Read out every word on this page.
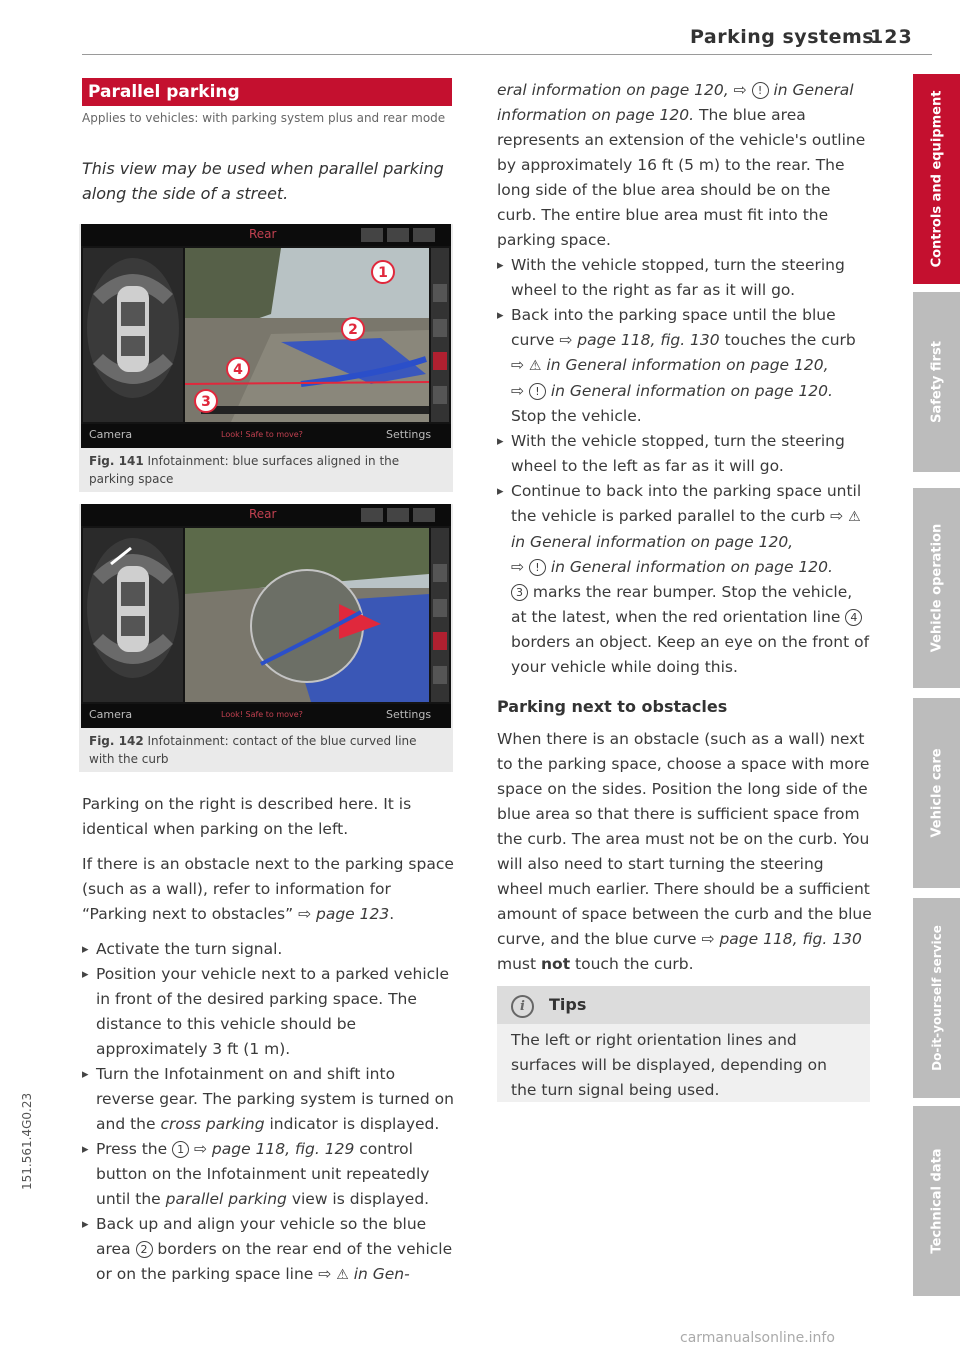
Parking systems
123
Parallel parking
Applies to vehicles: with parking system plus and rear mode
This view may be used when parallel parking along the side of a street.
1
2
4
3
Rear
Camera	Settings
Look! Safe to move?
Fig. 141 Infotainment: blue surfaces aligned in the parking space
Rear
Camera	Settings
Look! Safe to move?
Fig. 142 Infotainment: contact of the blue curved line with the curb

Parking on the right is described here. It is identical when parking on the left.

If there is an obstacle next to the parking space (such as a wall), refer to information for “Parking next to obstacles” ⇨ page 123.

▸ Activate the turn signal.
▸ Position your vehicle next to a parked vehicle in front of the desired parking space. The distance to this vehicle should be approximately 3 ft (1 m).
▸ Turn the Infotainment on and shift into reverse gear. The parking system is turned on and the cross parking indicator is displayed.
▸ Press the 1 ⇨ page 118, fig. 129 control button on the Infotainment unit repeatedly until the parallel parking view is displayed.
▸ Back up and align your vehicle so the blue area 2 borders on the rear end of the vehicle or on the parking space line ⇨ ⚠ in Gen-

eral information on page 120, ⇨ ! in General information on page 120. The blue area represents an extension of the vehicle's outline by approximately 16 ft (5 m) to the rear. The long side of the blue area should be on the curb. The entire blue area must fit into the parking space.

▸ With the vehicle stopped, turn the steering wheel to the right as far as it will go.
▸ Back into the parking space until the blue curve ⇨ page 118, fig. 130 touches the curb ⇨ ⚠ in General information on page 120,
⇨ ! in General information on page 120.
Stop the vehicle.
▸ With the vehicle stopped, turn the steering wheel to the left as far as it will go.
▸ Continue to back into the parking space until the vehicle is parked parallel to the curb ⇨ ⚠ in General information on page 120,
⇨ ! in General information on page 120.
3 marks the rear bumper. Stop the vehicle, at the latest, when the red orientation line 4 borders an object. Keep an eye on the front of your vehicle while doing this.
Parking next to obstacles

When there is an obstacle (such as a wall) next to the parking space, choose a space with more space on the sides. Position the long side of the blue area so that there is sufficient space from the curb. The area must not be on the curb. You will also need to start turning the steering wheel much earlier. There should be a sufficient amount of space between the curb and the blue curve, and the blue curve ⇨ page 118, fig. 130 must not touch the curb.

i	Tips
The left or right orientation lines and surfaces will be displayed, depending on the turn signal being used.
Controls and equipment
Safety first
Vehicle operation
Vehicle care
Do-it-yourself service
Technical data
151.561.4G0.23
carmanualsonline.info
